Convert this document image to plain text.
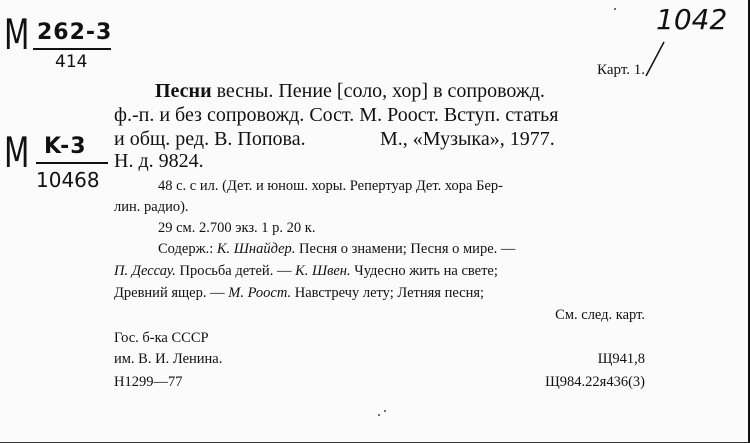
M 262-3
414
M K-3
10468
1042
Карт. 1.
Песни весны. Пение [соло, хор] в сопровожд.
ф.-п. и без сопровожд. Сост. М. Рооcт. Вступ. статья
и общ. ред. В. Попова.	М., «Музыка», 1977.
Н. д. 9824.
48 с. с ил. (Дет. и юнош. хоры. Репертуар Дет. хора Бер-
лин. радио).
29 см. 2.700 экз. 1 р. 20 к.
Содерж.: К. Шнайдер. Песня о знамени; Песня о мире. —
П. Дессау. Просьба детей. — К. Швен. Чудесно жить на свете;
Древний ящер. — М. Рооcт. Навстречу лету; Летняя песня;
См. след. карт.
Гос. б-ка СССР
им. В. И. Ленина.
Н1299—77
Щ941,8
Щ984.22я436(3)
